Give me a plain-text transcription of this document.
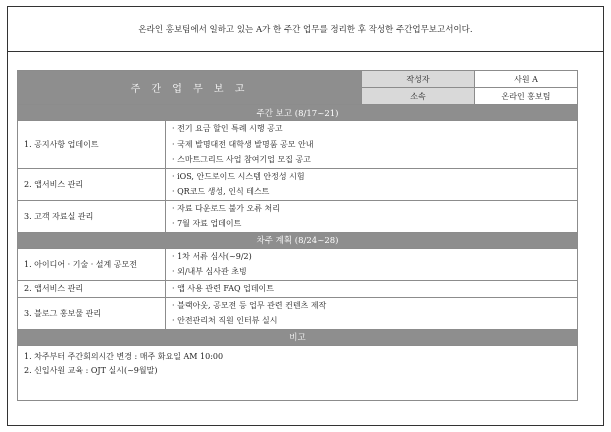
온라인 홍보팀에서 일하고 있는 A가 한 주간 업무를 정리한 후 작성한 주간업무보고서이다.
주 간 업 무 보 고		작성자	사원 A
		소속	온라인 홍보팀
주간 보고 (8/17~21)			
1. 공지사항 업데이트	· 전기 요금 할인 특례 시행 공고
· 국제 발명대전 대학생 발명품 공모 안내
· 스마트그리드 사업 참여기업 모집 공고

2. 앱서비스 관리	· iOS, 안드로이드 시스템 안정성 시험
· QR코드 생성, 인식 테스트

3. 고객 자료실 관리	· 자료 다운로드 불가 오류 처리
· 7월 자료 업데이트

차주 계획 (8/24~28)			
1. 아이디어 · 기술 · 설계 공모전	· 1차 서류 심사(~9/2)
· 외/내부 심사관 초빙

2. 앱서비스 관리	· 앱 사용 관련 FAQ 업데이트

3. 블로그 홍보물 관리	· 블랙아웃, 공모전 등 업무 관련 컨텐츠 제작
· 안전관리처 직원 인터뷰 실시

비고			

1. 차주부터 주간회의시간 변경 : 매주 화요일 AM 10:00
2. 신입사원 교육 : OJT 실시(~9월말)			
